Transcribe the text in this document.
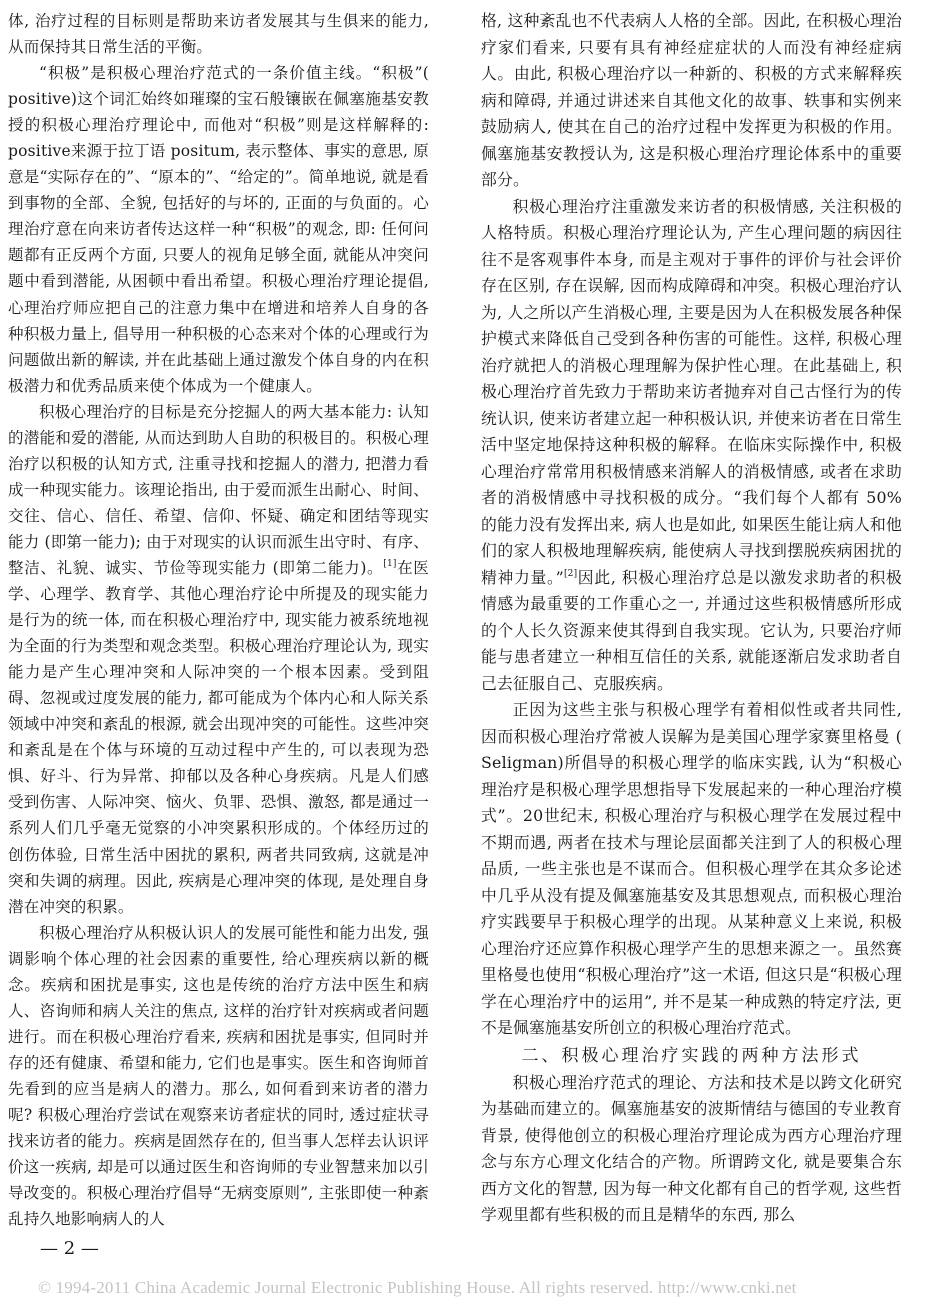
体, 治疗过程的目标则是帮助来访者发展其与生俱来的能力, 从而保持其日常生活的平衡。

“积极”是积极心理治疗范式的一条价值主线。“积极”( positive)这个词汇始终如璀璨的宝石般镶嵌在佩塞施基安教授的积极心理治疗理论中, 而他对“积极”则是这样解释的: positive来源于拉丁语 positum, 表示整体、事实的意思, 原意是“实际存在的”、“原本的”、“给定的”。简单地说, 就是看到事物的全部、全貌, 包括好的与坏的, 正面的与负面的。心理治疗意在向来访者传达这样一种“积极”的观念, 即: 任何问题都有正反两个方面, 只要人的视角足够全面, 就能从冲突问题中看到潜能, 从困顿中看出希望。积极心理治疗理论提倡, 心理治疗师应把自己的注意力集中在增进和培养人自身的各种积极力量上, 倡导用一种积极的心态来对个体的心理或行为问题做出新的解读, 并在此基础上通过激发个体自身的内在积极潜力和优秀品质来使个体成为一个健康人。

积极心理治疗的目标是充分挖掘人的两大基本能力: 认知的潜能和爱的潜能, 从而达到助人自助的积极目的。积极心理治疗以积极的认知方式, 注重寻找和挖掘人的潜力, 把潜力看成一种现实能力。该理论指出, 由于爱而派生出耐心、时间、交往、信心、信任、希望、信仰、怀疑、确定和团结等现实能力 (即第一能力); 由于对现实的认识而派生出守时、有序、整洁、礼貌、诚实、节俭等现实能力 (即第二能力)。[1]在医学、心理学、教育学、其他心理治疗论中所提及的现实能力是行为的统一体, 而在积极心理治疗中, 现实能力被系统地视为全面的行为类型和观念类型。积极心理治疗理论认为, 现实能力是产生心理冲突和人际冲突的一个根本因素。受到阻碍、忽视或过度发展的能力, 都可能成为个体内心和人际关系领域中冲突和紊乱的根源, 就会出现冲突的可能性。这些冲突和紊乱是在个体与环境的互动过程中产生的, 可以表现为恐惧、好斗、行为异常、抑郁以及各种心身疾病。凡是人们感受到伤害、人际冲突、恼火、负罪、恐惧、激怒, 都是通过一系列人们几乎毫无觉察的小冲突累积形成的。个体经历过的创伤体验, 日常生活中困扰的累积, 两者共同致病, 这就是冲突和失调的病理。因此, 疾病是心理冲突的体现, 是处理自身潜在冲突的积累。

积极心理治疗从积极认识人的发展可能性和能力出发, 强调影响个体心理的社会因素的重要性, 给心理疾病以新的概念。疾病和困扰是事实, 这也是传统的治疗方法中医生和病人、咨询师和病人关注的焦点, 这样的治疗针对疾病或者问题进行。而在积极心理治疗看来, 疾病和困扰是事实, 但同时并存的还有健康、希望和能力, 它们也是事实。医生和咨询师首先看到的应当是病人的潜力。那么, 如何看到来访者的潜力呢? 积极心理治疗尝试在观察来访者症状的同时, 透过症状寻找来访者的能力。疾病是固然存在的, 但当事人怎样去认识评价这一疾病, 却是可以通过医生和咨询师的专业智慧来加以引导改变的。积极心理治疗倡导“无病变原则”, 主张即使一种紊乱持久地影响病人的人

格, 这种紊乱也不代表病人人格的全部。因此, 在积极心理治疗家们看来, 只要有具有神经症症状的人而没有神经症病人。由此, 积极心理治疗以一种新的、积极的方式来解释疾病和障碍, 并通过讲述来自其他文化的故事、轶事和实例来鼓励病人, 使其在自己的治疗过程中发挥更为积极的作用。佩塞施基安教授认为, 这是积极心理治疗理论体系中的重要部分。

积极心理治疗注重激发来访者的积极情感, 关注积极的人格特质。积极心理治疗理论认为, 产生心理问题的病因往往不是客观事件本身, 而是主观对于事件的评价与社会评价存在区别, 存在误解, 因而构成障碍和冲突。积极心理治疗认为, 人之所以产生消极心理, 主要是因为人在积极发展各种保护模式来降低自己受到各种伤害的可能性。这样, 积极心理治疗就把人的消极心理理解为保护性心理。在此基础上, 积极心理治疗首先致力于帮助来访者抛弃对自己古怪行为的传统认识, 使来访者建立起一种积极认识, 并使来访者在日常生活中坚定地保持这种积极的解释。在临床实际操作中, 积极心理治疗常常用积极情感来消解人的消极情感, 或者在求助者的消极情感中寻找积极的成分。“我们每个人都有 50% 的能力没有发挥出来, 病人也是如此, 如果医生能让病人和他们的家人积极地理解疾病, 能使病人寻找到摆脱疾病困扰的精神力量。”[2]因此, 积极心理治疗总是以激发求助者的积极情感为最重要的工作重心之一, 并通过这些积极情感所形成的个人长久资源来使其得到自我实现。它认为, 只要治疗师能与患者建立一种相互信任的关系, 就能逐渐启发求助者自己去征服自己、克服疾病。

正因为这些主张与积极心理学有着相似性或者共同性, 因而积极心理治疗常被人误解为是美国心理学家赛里格曼 ( Seligman)所倡导的积极心理学的临床实践, 认为“积极心理治疗是积极心理学思想指导下发展起来的一种心理治疗模式”。20世纪末, 积极心理治疗与积极心理学在发展过程中不期而遇, 两者在技术与理论层面都关注到了人的积极心理品质, 一些主张也是不谋而合。但积极心理学在其众多论述中几乎从没有提及佩塞施基安及其思想观点, 而积极心理治疗实践要早于积极心理学的出现。从某种意义上来说, 积极心理治疗还应算作积极心理学产生的思想来源之一。虽然赛里格曼也使用“积极心理治疗”这一术语, 但这只是“积极心理学在心理治疗中的运用”, 并不是某一种成熟的特定疗法, 更不是佩塞施基安所创立的积极心理治疗范式。

二、积极心理治疗实践的两种方法形式

积极心理治疗范式的理论、方法和技术是以跨文化研究为基础而建立的。佩塞施基安的波斯情结与德国的专业教育背景, 使得他创立的积极心理治疗理论成为西方心理治疗理念与东方心理文化结合的产物。所谓跨文化, 就是要集合东西方文化的智慧, 因为每一种文化都有自己的哲学观, 这些哲学观里都有些积极的而且是精华的东西, 那么

— 2 —
© 1994-2011 China Academic Journal Electronic Publishing House. All rights reserved. http://www.cnki.net
